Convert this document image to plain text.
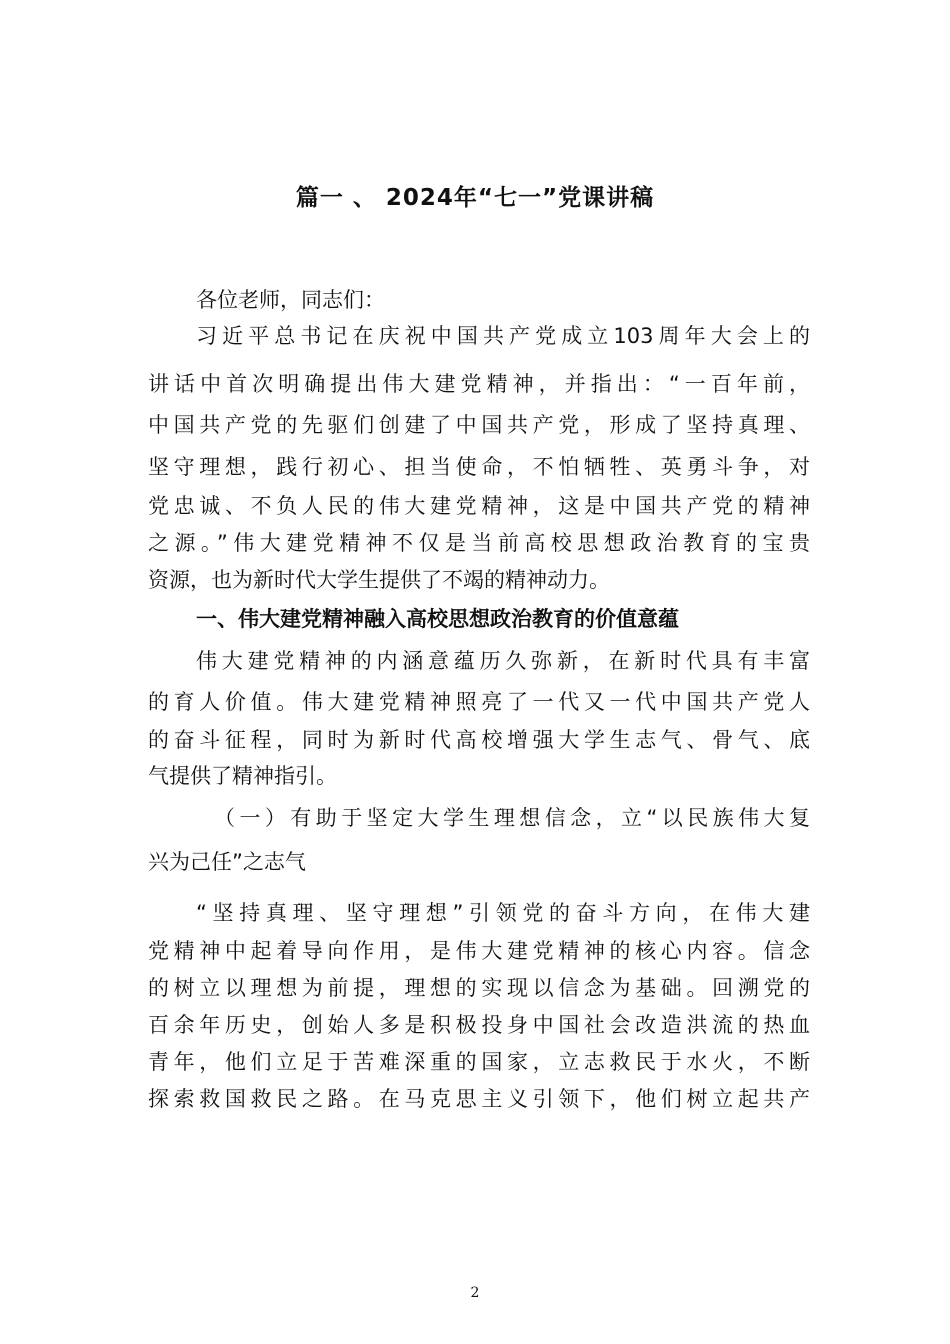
篇一 、 2024年“七一”党课讲稿
各位老师，同志们：
习近平总书记在庆祝中国共产党成立103周年大会上的
讲话中首次明确提出伟大建党精神，并指出：“一百年前，
中国共产党的先驱们创建了中国共产党，形成了坚持真理、
坚守理想，践行初心、担当使命，不怕牺牲、英勇斗争，对
党忠诚、不负人民的伟大建党精神，这是中国共产党的精神
之源。”伟大建党精神不仅是当前高校思想政治教育的宝贵
资源，也为新时代大学生提供了不竭的精神动力。
一、伟大建党精神融入高校思想政治教育的价值意蕴
伟大建党精神的内涵意蕴历久弥新，在新时代具有丰富
的育人价值。伟大建党精神照亮了一代又一代中国共产党人
的奋斗征程，同时为新时代高校增强大学生志气、骨气、底
气提供了精神指引。
（一）有助于坚定大学生理想信念，立“以民族伟大复
兴为己任”之志气
“坚持真理、坚守理想”引领党的奋斗方向，在伟大建
党精神中起着导向作用，是伟大建党精神的核心内容。信念
的树立以理想为前提，理想的实现以信念为基础。回溯党的
百余年历史，创始人多是积极投身中国社会改造洪流的热血
青年，他们立足于苦难深重的国家，立志救民于水火，不断
探索救国救民之路。在马克思主义引领下，他们树立起共产
2
